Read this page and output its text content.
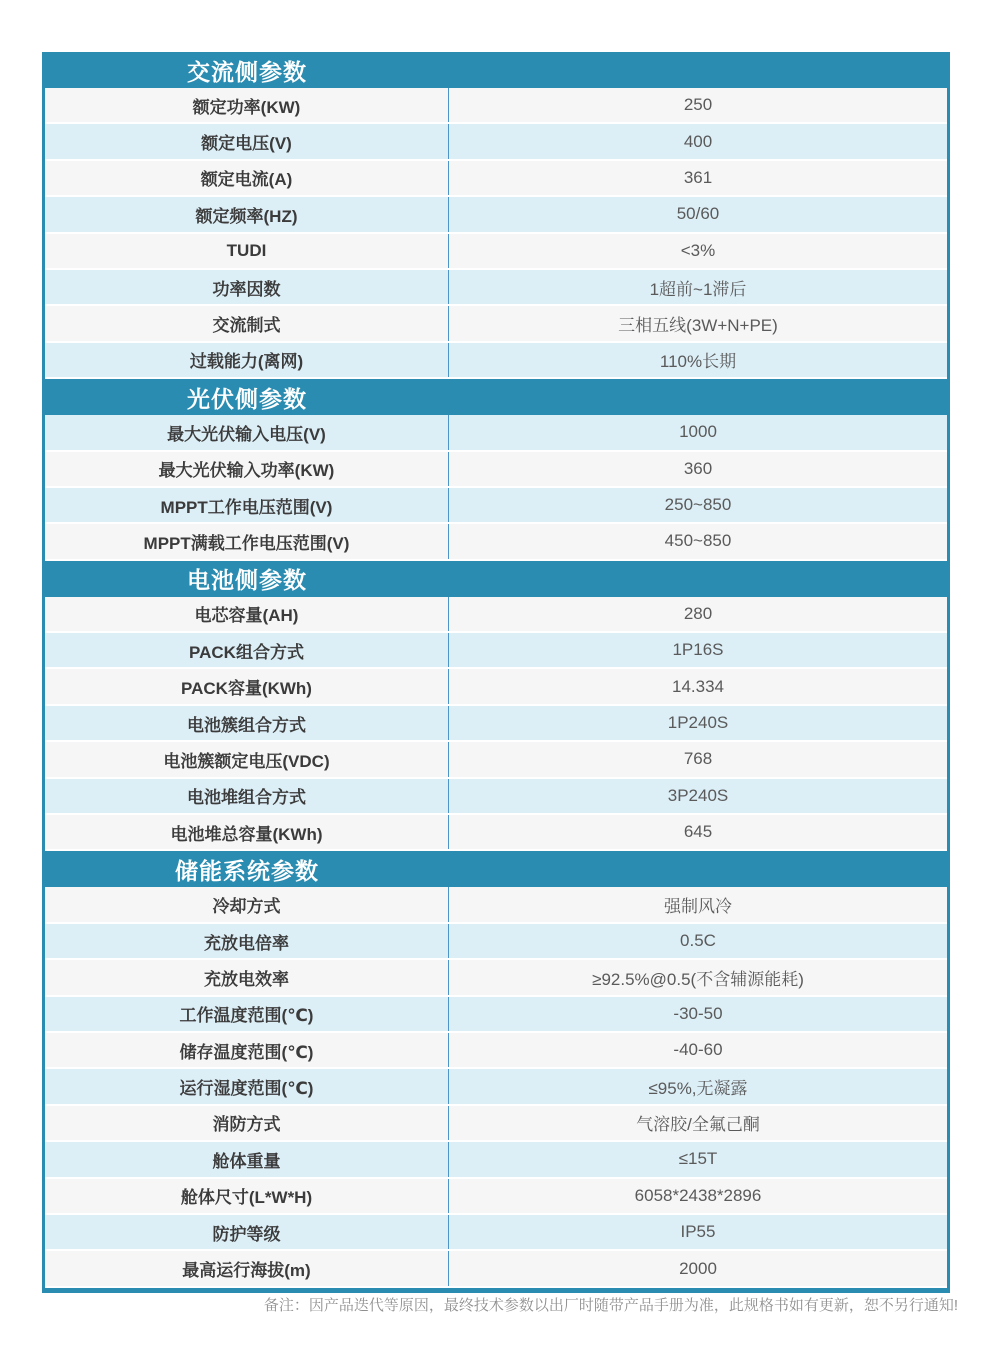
交流侧参数
额定功率(KW)	250
额定电压(V)	400
额定电流(A)	361
额定频率(HZ)	50/60
TUDI	<3%
功率因数	1超前~1滞后
交流制式	三相五线(3W+N+PE)
过载能力(离网)	110%长期
光伏侧参数
最大光伏输入电压(V)	1000
最大光伏输入功率(KW)	360
MPPT工作电压范围(V)	250~850
MPPT满载工作电压范围(V)	450~850
电池侧参数
电芯容量(AH)	280
PACK组合方式	1P16S
PACK容量(KWh)	14.334
电池簇组合方式	1P240S
电池簇额定电压(VDC)	768
电池堆组合方式	3P240S
电池堆总容量(KWh)	645
储能系统参数
冷却方式	强制风冷
充放电倍率	0.5C
充放电效率	≥92.5%@0.5(不含辅源能耗)
工作温度范围(℃)	-30-50
储存温度范围(℃)	-40-60
运行湿度范围(℃)	≤95%,无凝露
消防方式	气溶胶/全氟己酮
舱体重量	≤15T
舱体尺寸(L*W*H)	6058*2438*2896
防护等级	IP55
最高运行海拔(m)	2000
备注：因产品迭代等原因，最终技术参数以出厂时随带产品手册为准，此规格书如有更新，恕不另行通知!
